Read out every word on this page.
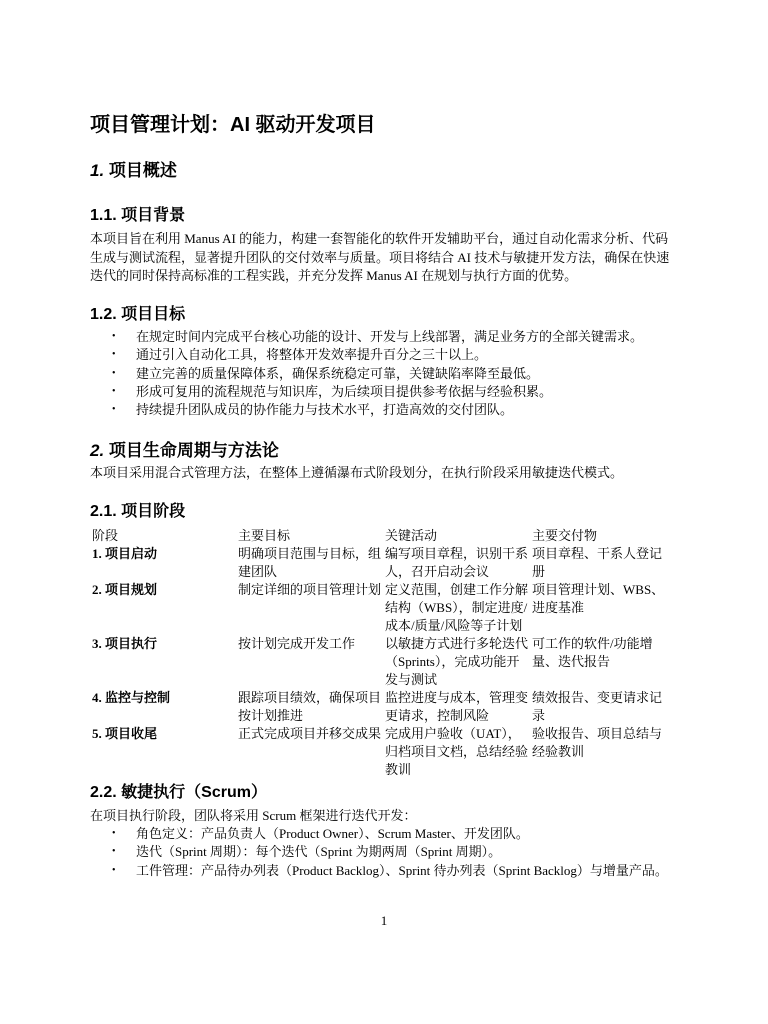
项目管理计划：AI 驱动开发项目
1. 项目概述
1.1. 项目背景

本项目旨在利用 Manus AI 的能力，构建一套智能化的软件开发辅助平台，通过自动化需求分析、代码生成与测试流程，显著提升团队的交付效率与质量。项目将结合 AI 技术与敏捷开发方法，确保在快速迭代的同时保持高标准的工程实践，并充分发挥 Manus AI 在规划与执行方面的优势。

1.2. 项目目标
• 在规定时间内完成平台核心功能的设计、开发与上线部署，满足业务方的全部关键需求。
• 通过引入自动化工具，将整体开发效率提升百分之三十以上。
• 建立完善的质量保障体系，确保系统稳定可靠，关键缺陷率降至最低。
• 形成可复用的流程规范与知识库，为后续项目提供参考依据与经验积累。
• 持续提升团队成员的协作能力与技术水平，打造高效的交付团队。
2. 项目生命周期与方法论

本项目采用混合式管理方法，在整体上遵循瀑布式阶段划分，在执行阶段采用敏捷迭代模式。

2.1. 项目阶段
阶段	主要目标	关键活动	主要交付物
1. 项目启动	明确项目范围与目标，组建团队	编写项目章程，识别干系人，召开启动会议	项目章程、干系人登记册
2. 项目规划	制定详细的项目管理计划	定义范围，创建工作分解结构（WBS），制定进度/成本/质量/风险等子计划	项目管理计划、WBS、进度基准
3. 项目执行	按计划完成开发工作	以敏捷方式进行多轮迭代（Sprints），完成功能开发与测试	可工作的软件/功能增量、迭代报告
4. 监控与控制	跟踪项目绩效，确保项目按计划推进	监控进度与成本，管理变更请求，控制风险	绩效报告、变更请求记录
5. 项目收尾	正式完成项目并移交成果	完成用户验收（UAT），归档项目文档，总结经验教训	验收报告、项目总结与经验教训
2.2. 敏捷执行（Scrum）

在项目执行阶段，团队将采用 Scrum 框架进行迭代开发：

• 角色定义：产品负责人（Product Owner）、Scrum Master、开发团队。
• 迭代（Sprint 周期）：每个迭代（Sprint 为期两周（Sprint 周期）。
• 工件管理：产品待办列表（Product Backlog）、Sprint 待办列表（Sprint Backlog）与增量产品。
1
